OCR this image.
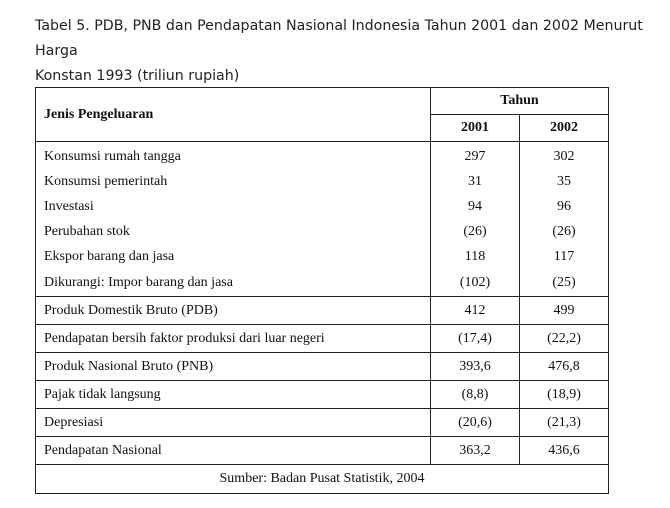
Tabel 5. PDB, PNB dan Pendapatan Nasional Indonesia Tahun 2001 dan 2002 Menurut Harga
Konstan 1993 (triliun rupiah)
Jenis Pengeluaran	Tahun	
	2001	2002
Konsumsi rumah tangga	297	302
Konsumsi pemerintah	31	35
Investasi	94	96
Perubahan stok	(26)	(26)
Ekspor barang dan jasa	118	117
Dikurangi: Impor barang dan jasa	(102)	(25)
Produk Domestik Bruto (PDB)	412	499
Pendapatan bersih faktor produksi dari luar negeri	(17,4)	(22,2)
Produk Nasional Bruto (PNB)	393,6	476,8
Pajak tidak langsung	(8,8)	(18,9)
Depresiasi	(20,6)	(21,3)
Pendapatan Nasional	363,2	436,6
Sumber: Badan Pusat Statistik, 2004		
